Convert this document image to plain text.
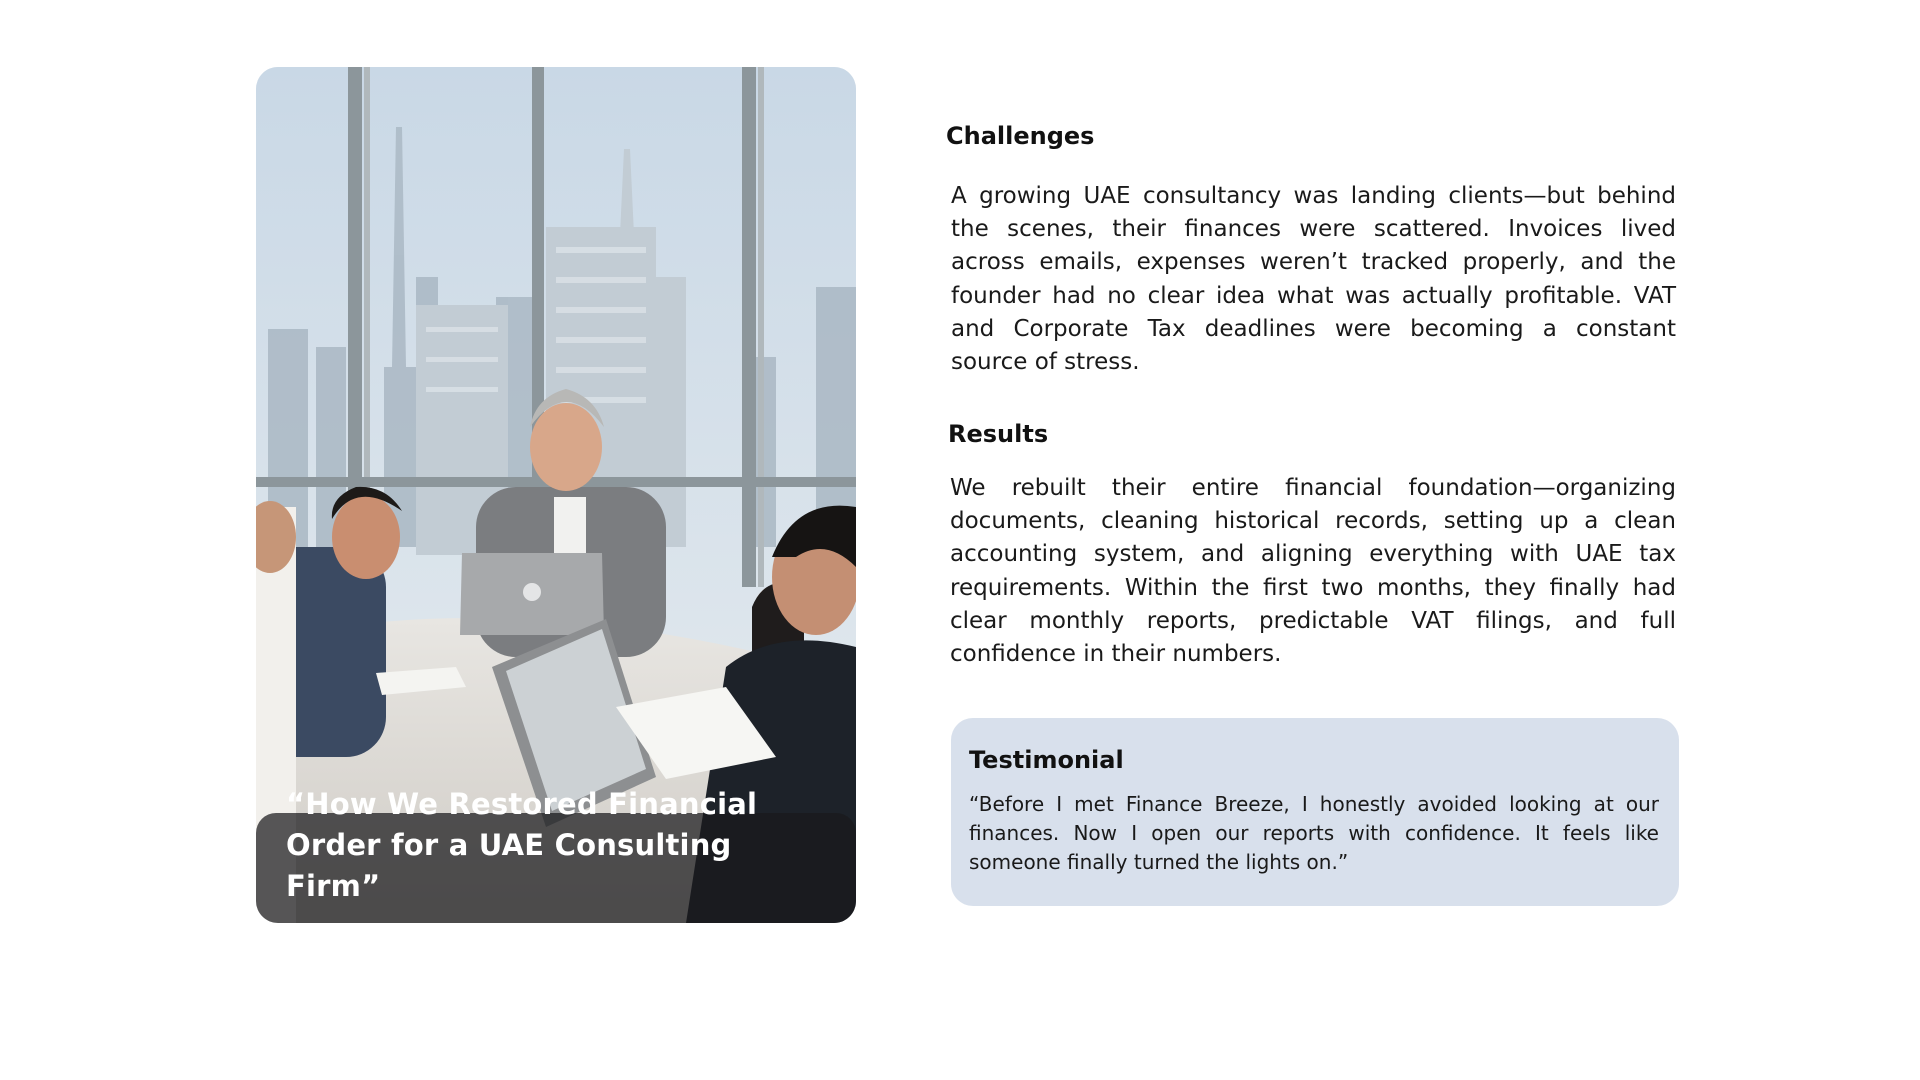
“How We Restored Financial Order for a UAE Consulting Firm”

Challenges

A growing UAE consultancy was landing clients—but behind the scenes, their finances were scattered. Invoices lived across emails, expenses weren’t tracked properly, and the founder had no clear idea what was actually profitable. VAT and Corporate Tax deadlines were becoming a constant source of stress.

Results

We rebuilt their entire financial foundation—organizing documents, cleaning historical records, setting up a clean accounting system, and aligning everything with UAE tax requirements. Within the first two months, they finally had clear monthly reports, predictable VAT filings, and full confidence in their numbers.

Testimonial

“Before I met Finance Breeze, I honestly avoided looking at our finances. Now I open our reports with confidence. It feels like someone finally turned the lights on.”
